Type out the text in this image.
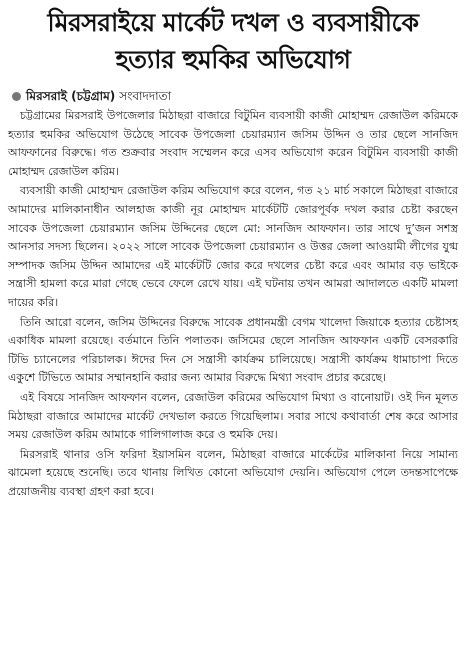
মিরসরাইয়ে মার্কেট দখল ও ব্যবসায়ীকে
হত্যার হুমকির অভিযোগ
মিরসরাই (চট্টগ্রাম) সংবাদদাতা

চট্টগ্রামের মিরসরাই উপজেলার মিঠাছরা বাজারে বিটুমিন ব্যবসায়ী কাজী মোহাম্মদ রেজাউল করিমকে হত্যার হুমকির অভিযোগ উঠেছে সাবেক উপজেলা চেয়ারম্যান জসিম উদ্দিন ও তার ছেলে সানজিদ আফফানের বিরুদ্ধে। গত শুক্রবার সংবাদ সম্মেলন করে এসব অভিযোগ করেন বিটুমিন ব্যবসায়ী কাজী মোহাম্মদ রেজাউল করিম।

ব্যবসায়ী কাজী মোহাম্মদ রেজাউল করিম অভিযোগ করে বলেন, গত ২১ মার্চ সকালে মিঠাছরা বাজারে আমাদের মালিকানাধীন আলহাজ কাজী নূর মোহাম্মদ মার্কেটটি জোরপূর্বক দখল করার চেষ্টা করছেন সাবেক উপজেলা চেয়ারম্যান জসিম উদ্দিনের ছেলে মো: সানজিদ আফফান। তার সাথে দু’জন সশস্ত্র আনসার সদস্য ছিলেন। ২০২২ সালে সাবেক উপজেলা চেয়ারম্যান ও উত্তর জেলা আওয়ামী লীগের যুগ্ম সম্পাদক জসিম উদ্দিন আমাদের এই মার্কেটটি জোর করে দখলের চেষ্টা করে এবং আমার বড় ভাইকে সন্ত্রাসী হামলা করে মারা গেছে ভেবে ফেলে রেখে যায়। এই ঘটনায় তখন আমরা আদালতে একটি মামলা দায়ের করি।

তিনি আরো বলেন, জসিম উদ্দিনের বিরুদ্ধে সাবেক প্রধানমন্ত্রী বেগম খালেদা জিয়াকে হত্যার চেষ্টাসহ একাধিক মামলা রয়েছে। বর্তমানে তিনি পলাতক। জসিমের ছেলে সানজিদ আফফান একটি বেসরকারি টিভি চ্যানেলের পরিচালক। ঈদের দিন সে সন্ত্রাসী কার্যক্রম চালিয়েছে। সন্ত্রাসী কার্যক্রম ধামাচাপা দিতে একুশে টিভিতে আমার সম্মানহানি করার জন্য আমার বিরুদ্ধে মিথ্যা সংবাদ প্রচার করেছে।

এই বিষয়ে সানজিদ আফফান বলেন, রেজাউল করিমের অভিযোগ মিথ্যা ও বানোয়াট। ওই দিন মূলত মিঠাছরা বাজারে আমাদের মার্কেট দেখভাল করতে গিয়েছিলাম। সবার সাথে কথাবার্তা শেষ করে আসার সময় রেজাউল করিম আমাকে গালিগালাজ করে ও হুমকি দেয়।

মিরসরাই থানার ওসি ফরিদা ইয়াসমিন বলেন, মিঠাছরা বাজারে মার্কেটের মালিকানা নিয়ে সামান্য ঝামেলা হয়েছে শুনেছি। তবে থানায় লিখিত কোনো অভিযোগ দেয়নি। অভিযোগ পেলে তদন্তসাপেক্ষে প্রয়োজনীয় ব্যবস্থা গ্রহণ করা হবে।
